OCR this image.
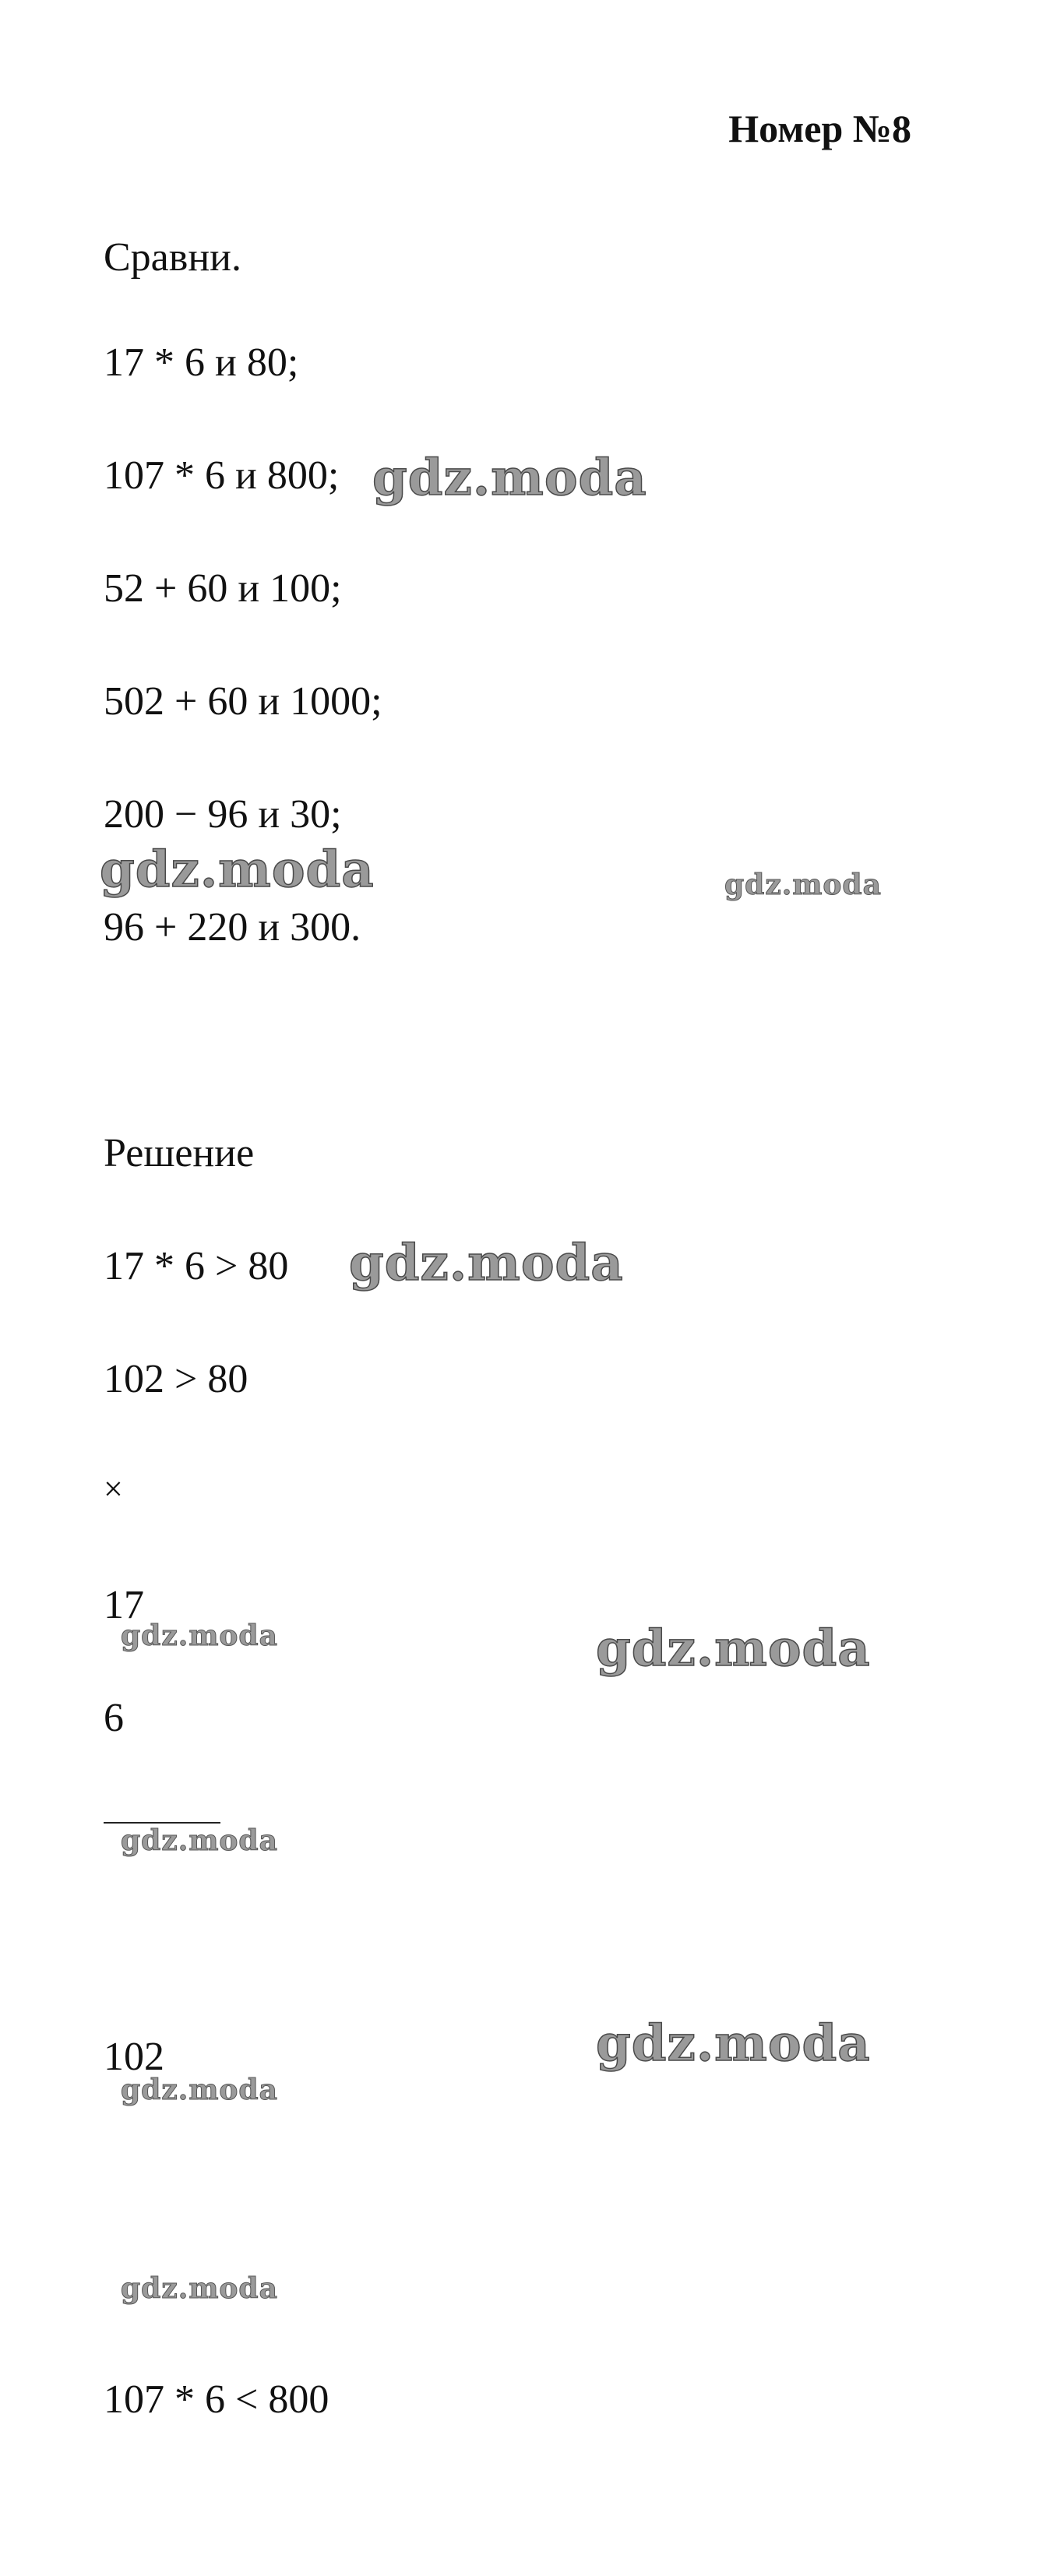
Номер №8
Сравни.
17 * 6 и 80;
107 * 6 и 800;
52 + 60 и 100;
502 + 60 и 1000;
200 − 96 и 30;
96 + 220 и 300.
Решение
17 * 6 > 80
102 > 80
×
17
6
102
107 * 6 < 800
gdz.moda
gdz.moda	gdz.moda
gdz.moda
gdz.moda	gdz.moda
gdz.moda
gdz.moda
gdz.moda
gdz.moda
